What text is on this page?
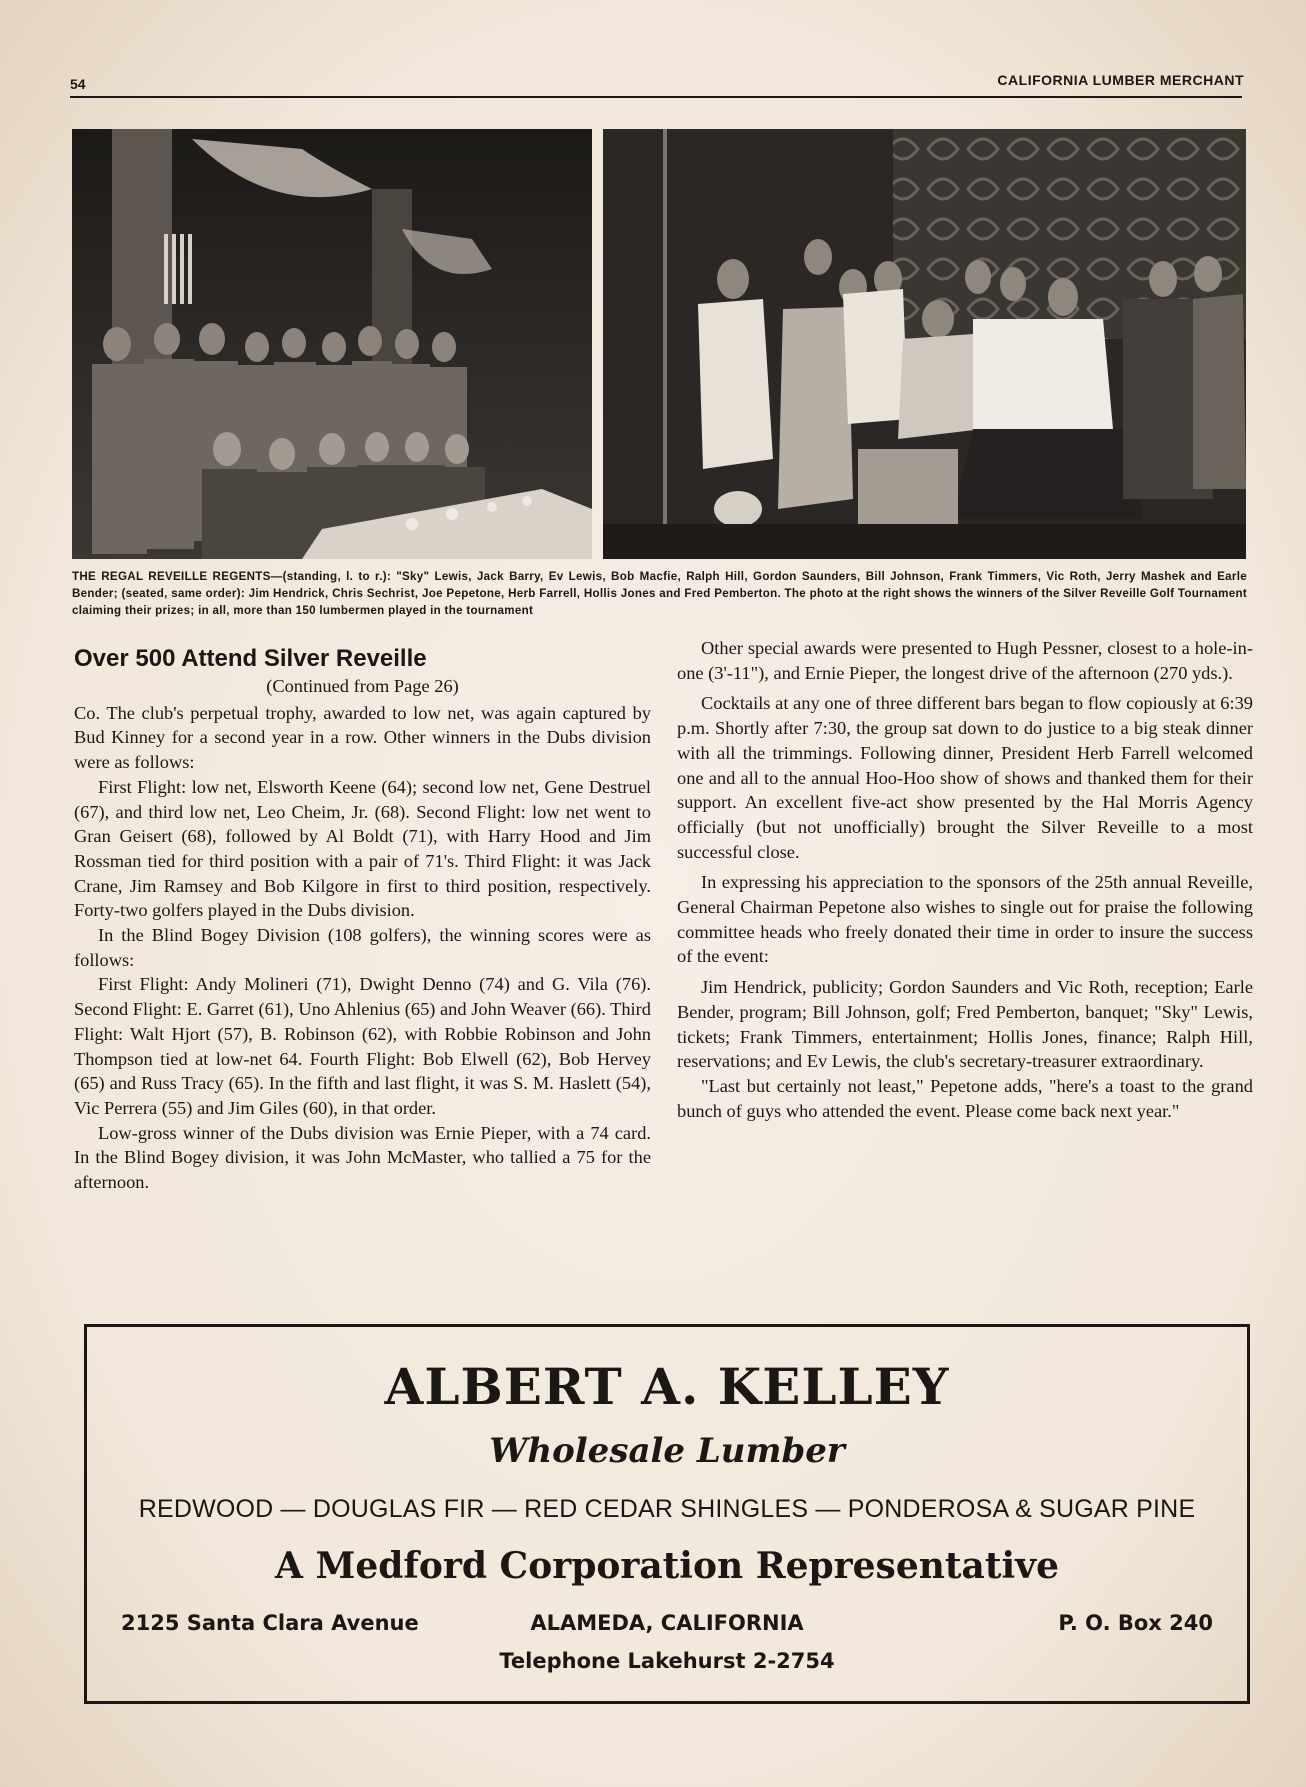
54	CALIFORNIA LUMBER MERCHANT
THE REGAL REVEILLE REGENTS—(standing, l. to r.): "Sky" Lewis, Jack Barry, Ev Lewis, Bob Macfie, Ralph Hill, Gordon Saunders, Bill Johnson, Frank Timmers, Vic Roth, Jerry Mashek and Earle Bender; (seated, same order): Jim Hendrick, Chris Sechrist, Joe Pepetone, Herb Farrell, Hollis Jones and Fred Pemberton. The photo at the right shows the winners of the Silver Reveille Golf Tournament claiming their prizes; in all, more than 150 lumbermen played in the tournament
Over 500 Attend Silver Reveille
(Continued from Page 26)

Co. The club's perpetual trophy, awarded to low net, was again captured by Bud Kinney for a second year in a row. Other winners in the Dubs division were as follows:

First Flight: low net, Elsworth Keene (64); second low net, Gene Destruel (67), and third low net, Leo Cheim, Jr. (68). Second Flight: low net went to Gran Geisert (68), followed by Al Boldt (71), with Harry Hood and Jim Rossman tied for third position with a pair of 71's. Third Flight: it was Jack Crane, Jim Ramsey and Bob Kilgore in first to third position, respectively. Forty-two golfers played in the Dubs division.

In the Blind Bogey Division (108 golfers), the winning scores were as follows:

First Flight: Andy Molineri (71), Dwight Denno (74) and G. Vila (76). Second Flight: E. Garret (61), Uno Ahlenius (65) and John Weaver (66). Third Flight: Walt Hjort (57), B. Robinson (62), with Robbie Robinson and John Thompson tied at low-net 64. Fourth Flight: Bob Elwell (62), Bob Hervey (65) and Russ Tracy (65). In the fifth and last flight, it was S. M. Haslett (54), Vic Perrera (55) and Jim Giles (60), in that order.

Low-gross winner of the Dubs division was Ernie Pieper, with a 74 card. In the Blind Bogey division, it was John McMaster, who tallied a 75 for the afternoon.

Other special awards were presented to Hugh Pessner, closest to a hole-in-one (3'-11"), and Ernie Pieper, the longest drive of the afternoon (270 yds.).

Cocktails at any one of three different bars began to flow copiously at 6:39 p.m. Shortly after 7:30, the group sat down to do justice to a big steak dinner with all the trimmings. Following dinner, President Herb Farrell welcomed one and all to the annual Hoo-Hoo show of shows and thanked them for their support. An excellent five-act show presented by the Hal Morris Agency officially (but not unofficially) brought the Silver Reveille to a most successful close.

In expressing his appreciation to the sponsors of the 25th annual Reveille, General Chairman Pepetone also wishes to single out for praise the following committee heads who freely donated their time in order to insure the success of the event:

Jim Hendrick, publicity; Gordon Saunders and Vic Roth, reception; Earle Bender, program; Bill Johnson, golf; Fred Pemberton, banquet; "Sky" Lewis, tickets; Frank Timmers, entertainment; Hollis Jones, finance; Ralph Hill, reservations; and Ev Lewis, the club's secretary-treasurer extraordinary.

"Last but certainly not least," Pepetone adds, "here's a toast to the grand bunch of guys who attended the event. Please come back next year."

ALBERT A. KELLEY
Wholesale Lumber
REDWOOD — DOUGLAS FIR — RED CEDAR SHINGLES — PONDEROSA & SUGAR PINE
A Medford Corporation Representative
ALAMEDA, CALIFORNIA
2125 Santa Clara Avenue	P. O. Box 240
Telephone Lakehurst 2-2754
